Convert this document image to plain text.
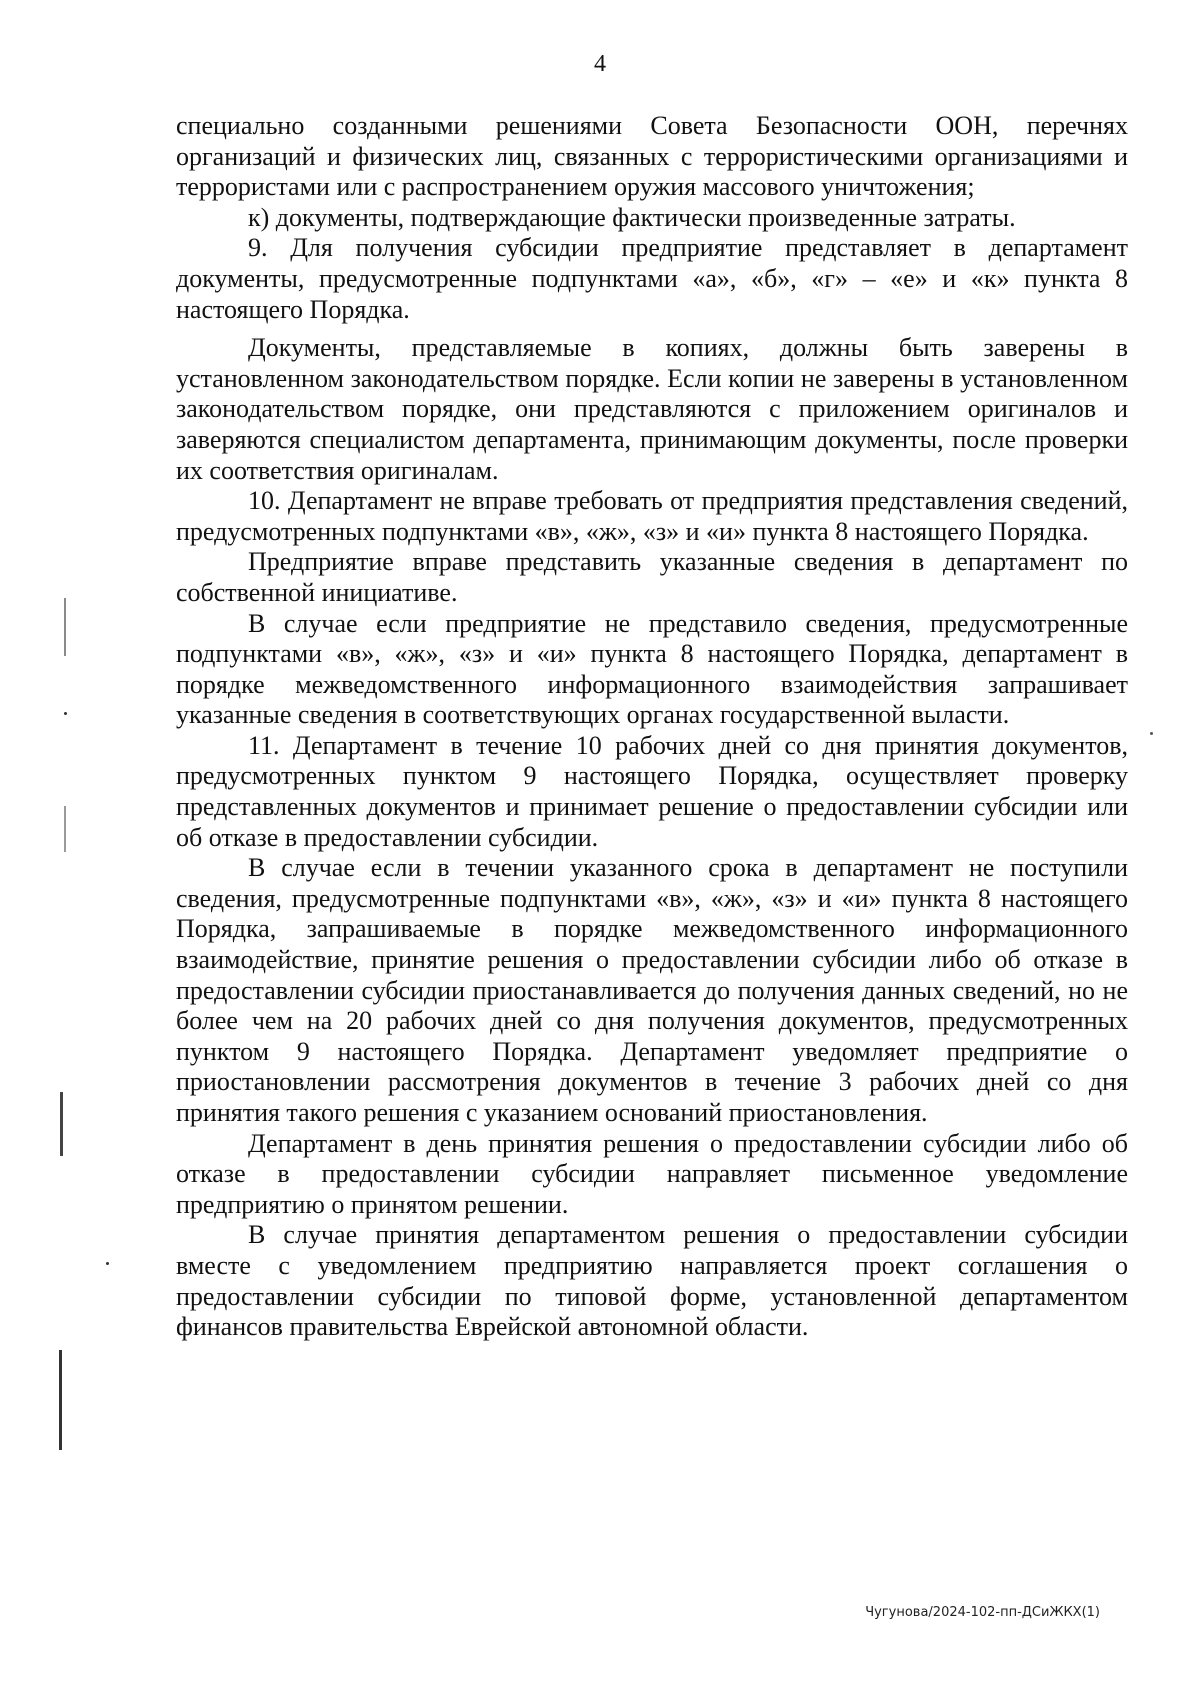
4

специально созданными решениями Совета Безопасности ООН, перечнях организаций и физических лиц, связанных с террористическими организациями и террористами или с распространением оружия массового уничтожения;

к) документы, подтверждающие фактически произведенные затраты.

9. Для получения субсидии предприятие представляет в департамент документы, предусмотренные подпунктами «а», «б», «г» – «е» и «к» пункта 8 настоящего Порядка.

Документы, представляемые в копиях, должны быть заверены в установленном законодательством порядке. Если копии не заверены в установленном законодательством порядке, они представляются с приложением оригиналов и заверяются специалистом департамента, принимающим документы, после проверки их соответствия оригиналам.

10. Департамент не вправе требовать от предприятия представления сведений, предусмотренных подпунктами «в», «ж», «з» и «и» пункта 8 настоящего Порядка.

Предприятие вправе представить указанные сведения в департамент по собственной инициативе.

В случае если предприятие не представило сведения, предусмотренные подпунктами «в», «ж», «з» и «и» пункта 8 настоящего Порядка, департамент в порядке межведомственного информационного взаимодействия запрашивает указанные сведения в соответствующих органах государственной выласти.

11. Департамент в течение 10 рабочих дней со дня принятия документов, предусмотренных пунктом 9 настоящего Порядка, осуществляет проверку представленных документов и принимает решение о предоставлении субсидии или об отказе в предоставлении субсидии.

В случае если в течении указанного срока в департамент не поступили сведения, предусмотренные подпунктами «в», «ж», «з» и «и» пункта 8 настоящего Порядка, запрашиваемые в порядке межведомственного информационного взаимодействие, принятие решения о предоставлении субсидии либо об отказе в предоставлении субсидии приостанавливается до получения данных сведений, но не более чем на 20 рабочих дней со дня получения документов, предусмотренных пунктом 9 настоящего Порядка. Департамент уведомляет предприятие о приостановлении рассмотрения документов в течение 3 рабочих дней со дня принятия такого решения с указанием оснований приостановления.

Департамент в день принятия решения о предоставлении субсидии либо об отказе в предоставлении субсидии направляет письменное уведомление предприятию о принятом решении.

В случае принятия департаментом решения о предоставлении субсидии вместе с уведомлением предприятию направляется проект соглашения о предоставлении субсидии по типовой форме, установленной департаментом финансов правительства Еврейской автономной области.

Чугунова/2024-102-пп-ДСиЖКХ(1)
